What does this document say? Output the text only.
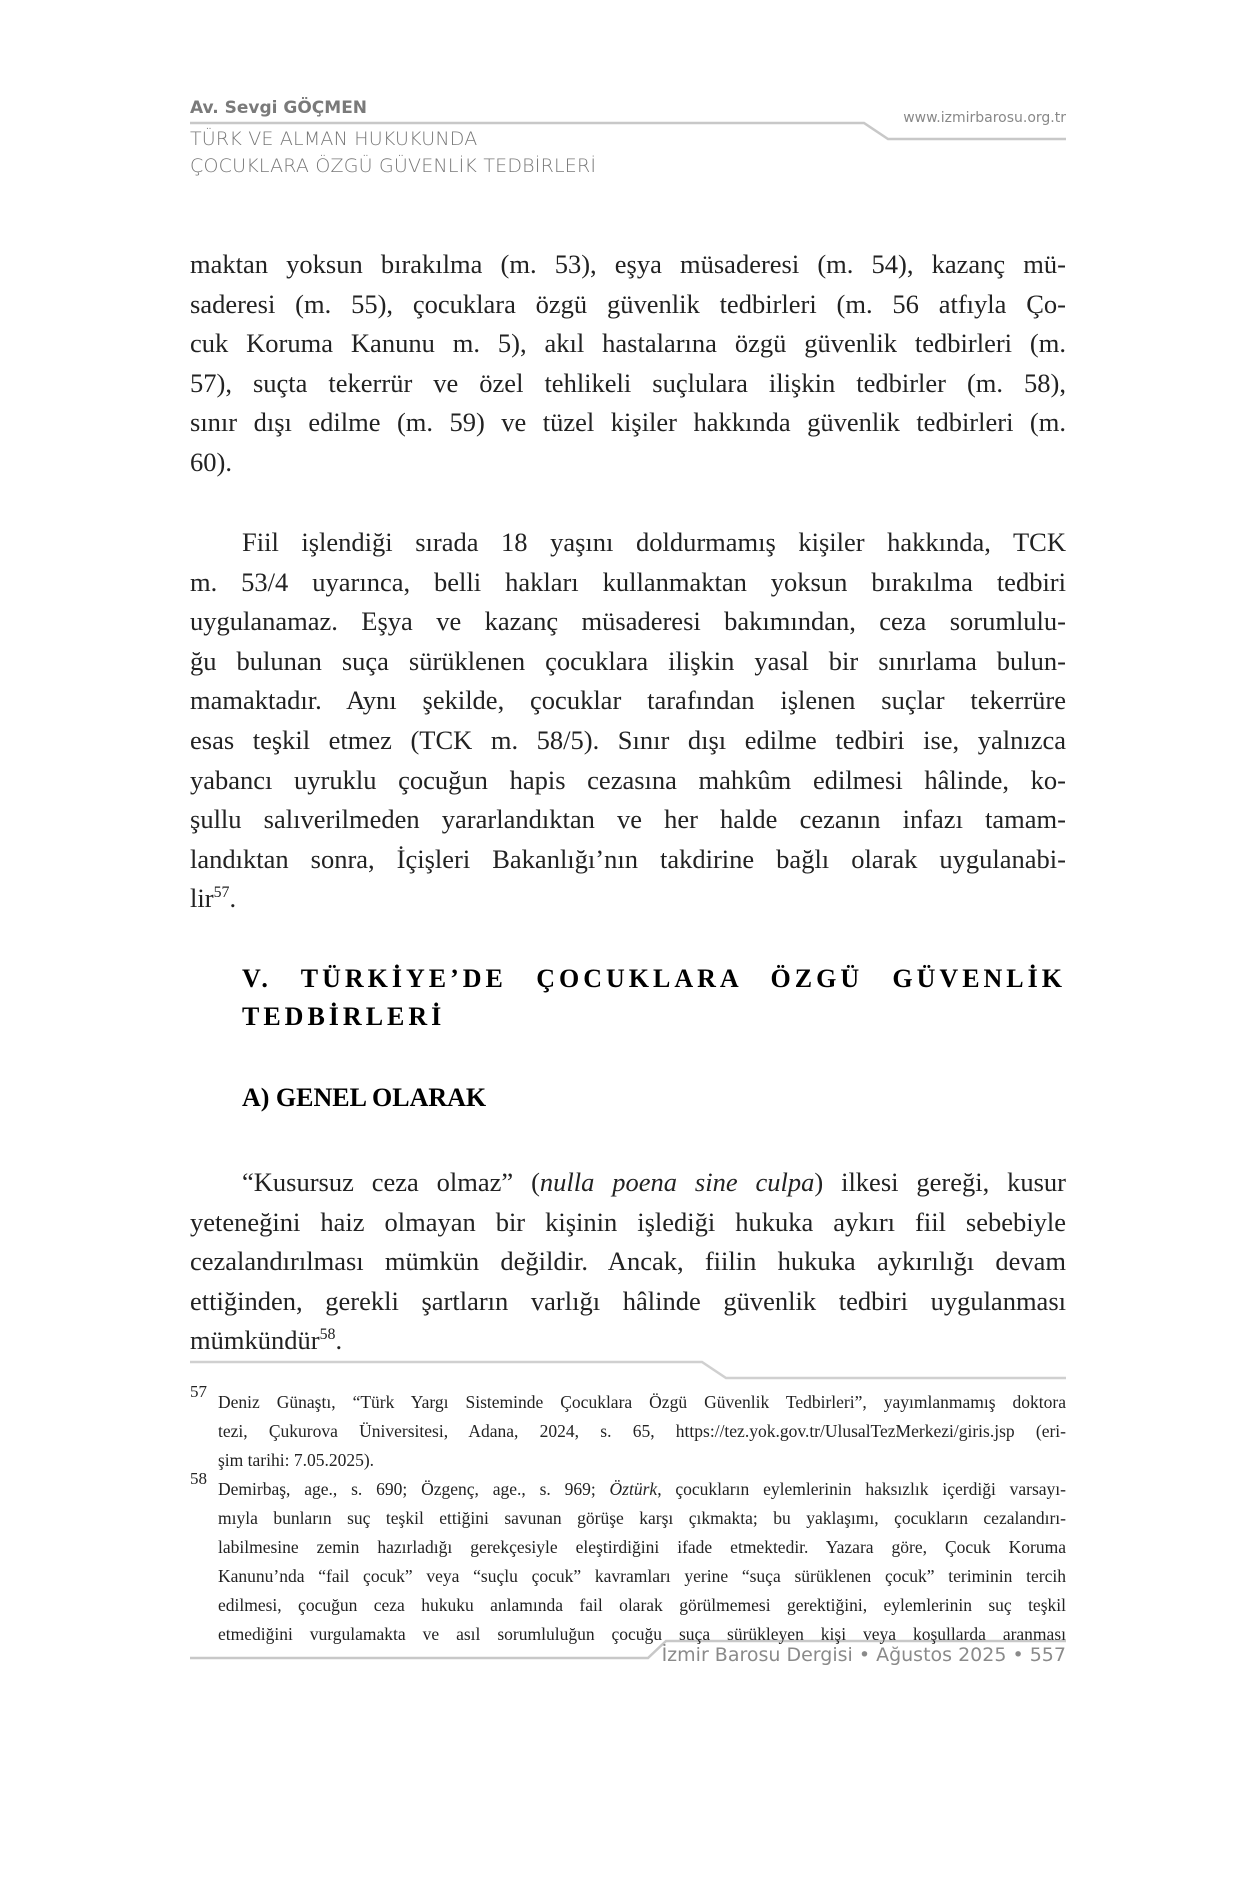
Av. Sevgi GÖÇMEN
TÜRK VE ALMAN HUKUKUNDA
ÇOCUKLARA ÖZGÜ GÜVENLİK TEDBİRLERİ
www.izmirbarosu.org.tr
maktan yoksun bırakılma (m. 53), eşya müsaderesi (m. 54), kazanç mü-
saderesi (m. 55), çocuklara özgü güvenlik tedbirleri (m. 56 atfıyla Ço-
cuk Koruma Kanunu m. 5), akıl hastalarına özgü güvenlik tedbirleri (m.
57), suçta tekerrür ve özel tehlikeli suçlulara ilişkin tedbirler (m. 58),
sınır dışı edilme (m. 59) ve tüzel kişiler hakkında güvenlik tedbirleri (m.
60).
Fiil işlendiği sırada 18 yaşını doldurmamış kişiler hakkında, TCK
m. 53/4 uyarınca, belli hakları kullanmaktan yoksun bırakılma tedbiri
uygulanamaz. Eşya ve kazanç müsaderesi bakımından, ceza sorumlulu-
ğu bulunan suça sürüklenen çocuklara ilişkin yasal bir sınırlama bulun-
mamaktadır. Aynı şekilde, çocuklar tarafından işlenen suçlar tekerrüre
esas teşkil etmez (TCK m. 58/5). Sınır dışı edilme tedbiri ise, yalnızca
yabancı uyruklu çocuğun hapis cezasına mahkûm edilmesi hâlinde, ko-
şullu salıverilmeden yararlandıktan ve her halde cezanın infazı tamam-
landıktan sonra, İçişleri Bakanlığı’nın takdirine bağlı olarak uygulanabi-
lir$^{57}$.
V. TÜRKİYE’DE ÇOCUKLARA ÖZGÜ GÜVENLİK
TEDBİRLERİ
A) GENEL OLARAK
“Kusursuz ceza olmaz” (nulla poena sine culpa) ilkesi gereği, kusur
yeteneğini haiz olmayan bir kişinin işlediği hukuka aykırı fiil sebebiyle
cezalandırılması mümkün değildir. Ancak, fiilin hukuka aykırılığı devam
ettiğinden, gerekli şartların varlığı hâlinde güvenlik tedbiri uygulanması
mümkündür$^{58}$.
57
Deniz Günaştı, “Türk Yargı Sisteminde Çocuklara Özgü Güvenlik Tedbirleri”, yayımlanmamış doktora
tezi, Çukurova Üniversitesi, Adana, 2024, s. 65, https://tez.yok.gov.tr/UlusalTezMerkezi/giris.jsp (eri-
şim tarihi: 7.05.2025).
58
Demirbaş, age., s. 690; Özgenç, age., s. 969; Öztürk, çocukların eylemlerinin haksızlık içerdiği varsayı-
mıyla bunların suç teşkil ettiğini savunan görüşe karşı çıkmakta; bu yaklaşımı, çocukların cezalandırı-
labilmesine zemin hazırladığı gerekçesiyle eleştirdiğini ifade etmektedir. Yazara göre, Çocuk Koruma
Kanunu’nda “fail çocuk” veya “suçlu çocuk” kavramları yerine “suça sürüklenen çocuk” teriminin tercih
edilmesi, çocuğun ceza hukuku anlamında fail olarak görülmemesi gerektiğini, eylemlerinin suç teşkil
etmediğini vurgulamakta ve asıl sorumluluğun çocuğu suça sürükleyen kişi veya koşullarda aranması
İzmir Barosu Dergisi • Ağustos 2025 • 557
